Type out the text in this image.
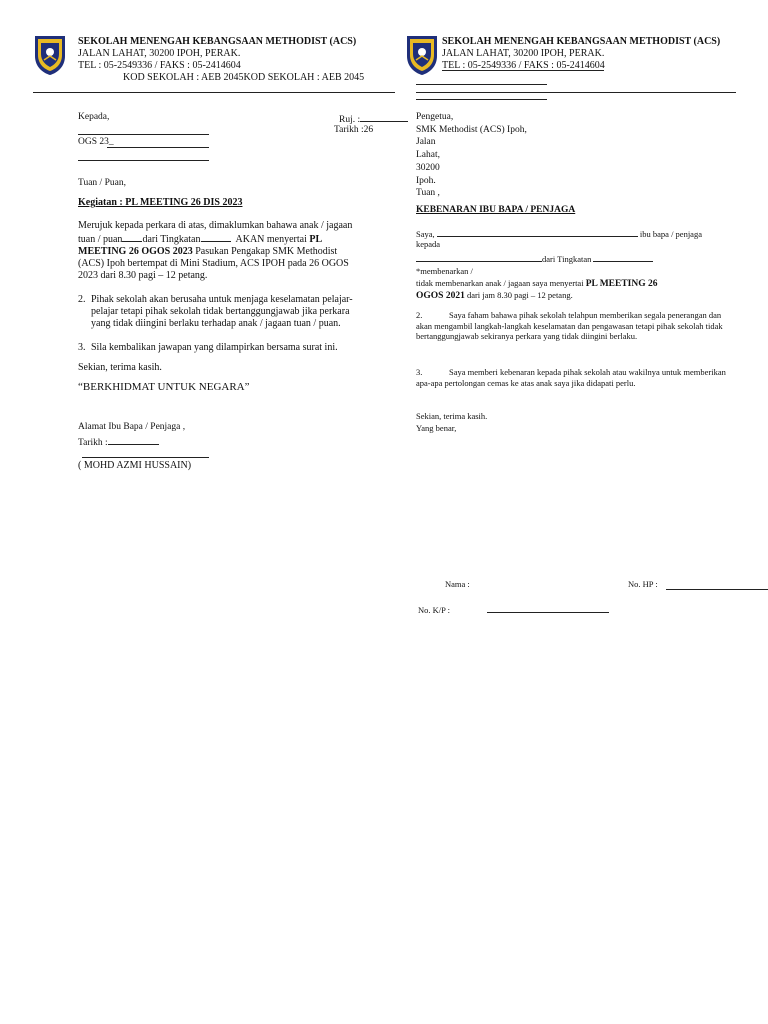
SEKOLAH MENENGAH KEBANGSAAN METHODIST (ACS)
JALAN LAHAT, 30200 IPOH, PERAK.
TEL : 05-2549336 / FAKS : 05-2414604
KOD SEKOLAH : AEB 2045KOD SEKOLAH : AEB 2045
Kepada,
OGS 23_
Ruj. :
Tarikh :26
Tuan / Puan,
Kegiatan : PL MEETING 26 DIS 2023
Merujuk kepada perkara di atas, dimaklumkan bahawa anak / jagaan tuan / puan dari Tingkatan	AKAN menyertai PL MEETING 26 OGOS 2023 Pasukan Pengakap SMK Methodist (ACS) Ipoh bertempat di Mini Stadium, ACS IPOH pada 26 OGOS 2023 dari 8.30 pagi – 12 petang.
2. Pihak sekolah akan berusaha untuk menjaga keselamatan pelajar-pelajar tetapi pihak sekolah tidak bertanggungjawab jika perkara yang tidak diingini berlaku terhadap anak / jagaan tuan / puan.
3. Sila kembalikan jawapan yang dilampirkan bersama surat ini.
Sekian, terima kasih.
“BERKHIDMAT UNTUK NEGARA”
Alamat Ibu Bapa / Penjaga ,
Tarikh :
( MOHD AZMI HUSSAIN)
SEKOLAH MENENGAH KEBANGSAAN METHODIST (ACS)
JALAN LAHAT, 30200 IPOH, PERAK.
TEL : 05-2549336 / FAKS : 05-2414604
Pengetua,
SMK Methodist (ACS) Ipoh,
Jalan
Lahat,
30200
Ipoh.
Tuan ,
KEBENARAN IBU BAPA / PENJAGA
Saya,	ibu bapa / penjaga
kepada
dari Tingkatan
*membenarkan /
tidak membenarkan anak / jagaan saya menyertai PL MEETING 26
OGOS 2021 dari jam 8.30 pagi – 12 petang.
2.	Saya faham bahawa pihak sekolah telahpun memberikan segala penerangan dan akan mengambil langkah-langkah keselamatan dan pengawasan tetapi pihak sekolah tidak bertanggungjawab sekiranya perkara yang tidak diingini berlaku.
3.	Saya memberi kebenaran kepada pihak sekolah atau wakilnya untuk memberikan apa-apa pertolongan cemas ke atas anak saya jika didapati perlu.
Sekian, terima kasih.
Yang benar,
Nama :	No. HP :
No. K/P :
